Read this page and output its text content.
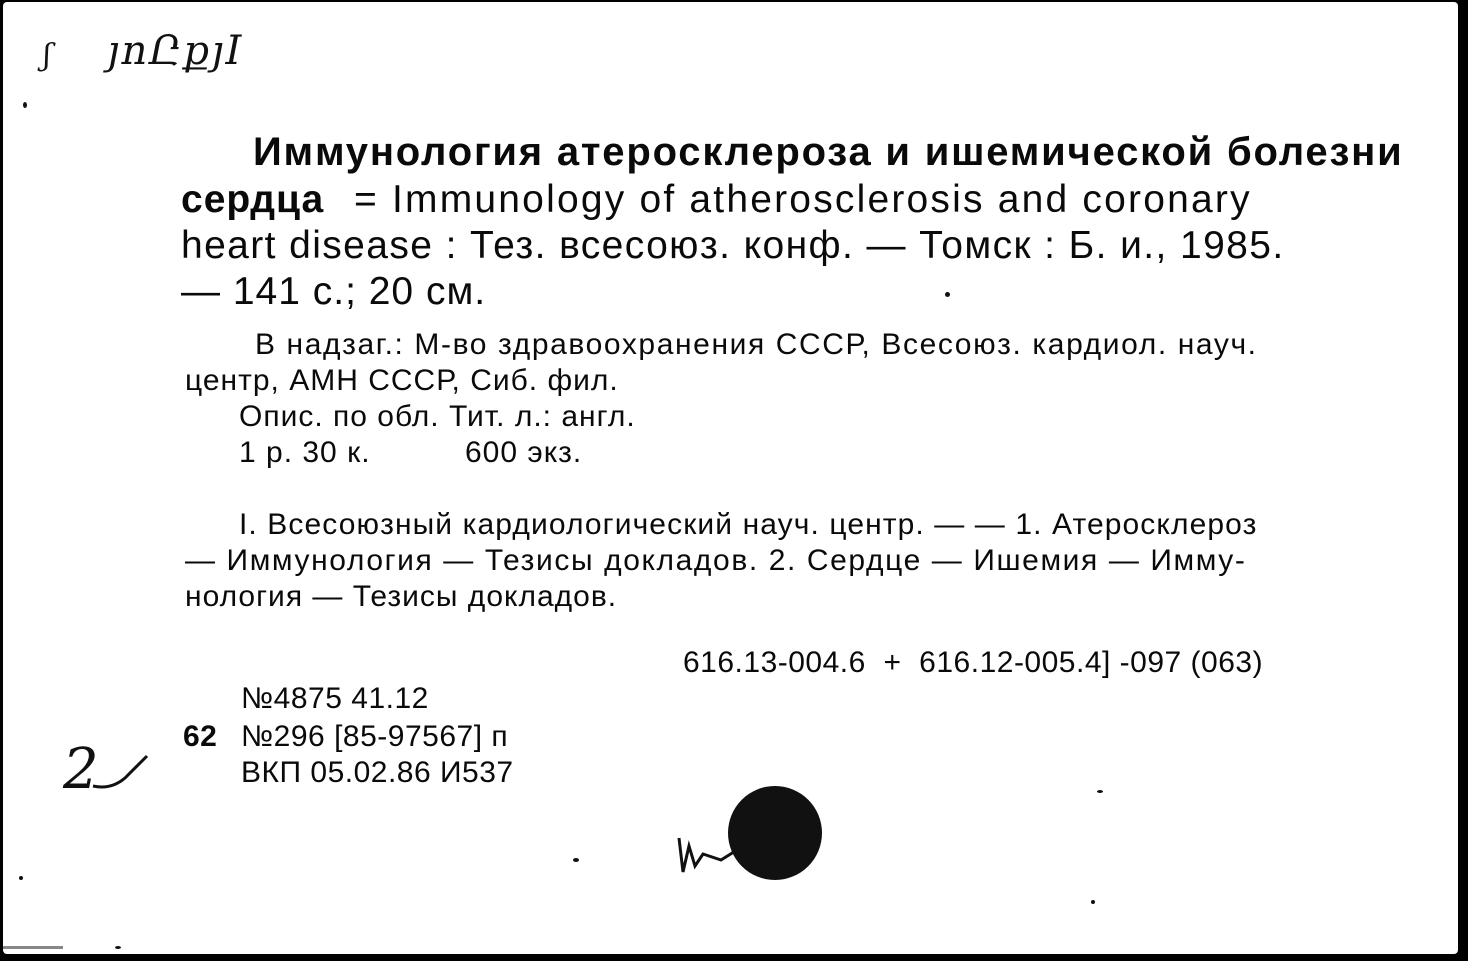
ʃ յոԸքյΙ
Иммунология атеросклероза и ишемической болезни
сердца = Immunology of atherosclerosis and coronary
heart disease : Тез. всесоюз. конф. — Томск : Б. и., 1985.
— 141 с.; 20 см.
В надзаг.: М-во здравоохранения СССР, Всесоюз. кардиол. науч.
центр, АМН СССР, Сиб. фил.
Опис. по обл. Тит. л.: англ.
1 р. 30 к.	600 экз.
I. Всесоюзный кардиологический науч. центр. — — 1. Атеросклероз
— Иммунология — Тезисы докладов. 2. Сердце — Ишемия — Имму-
нология — Тезисы докладов.
616.13-004.6  +  616.12-005.4] -097 (063)
№4875 41.12
62 №296 [85-97567] п
ВКП 05.02.86 И537
2
